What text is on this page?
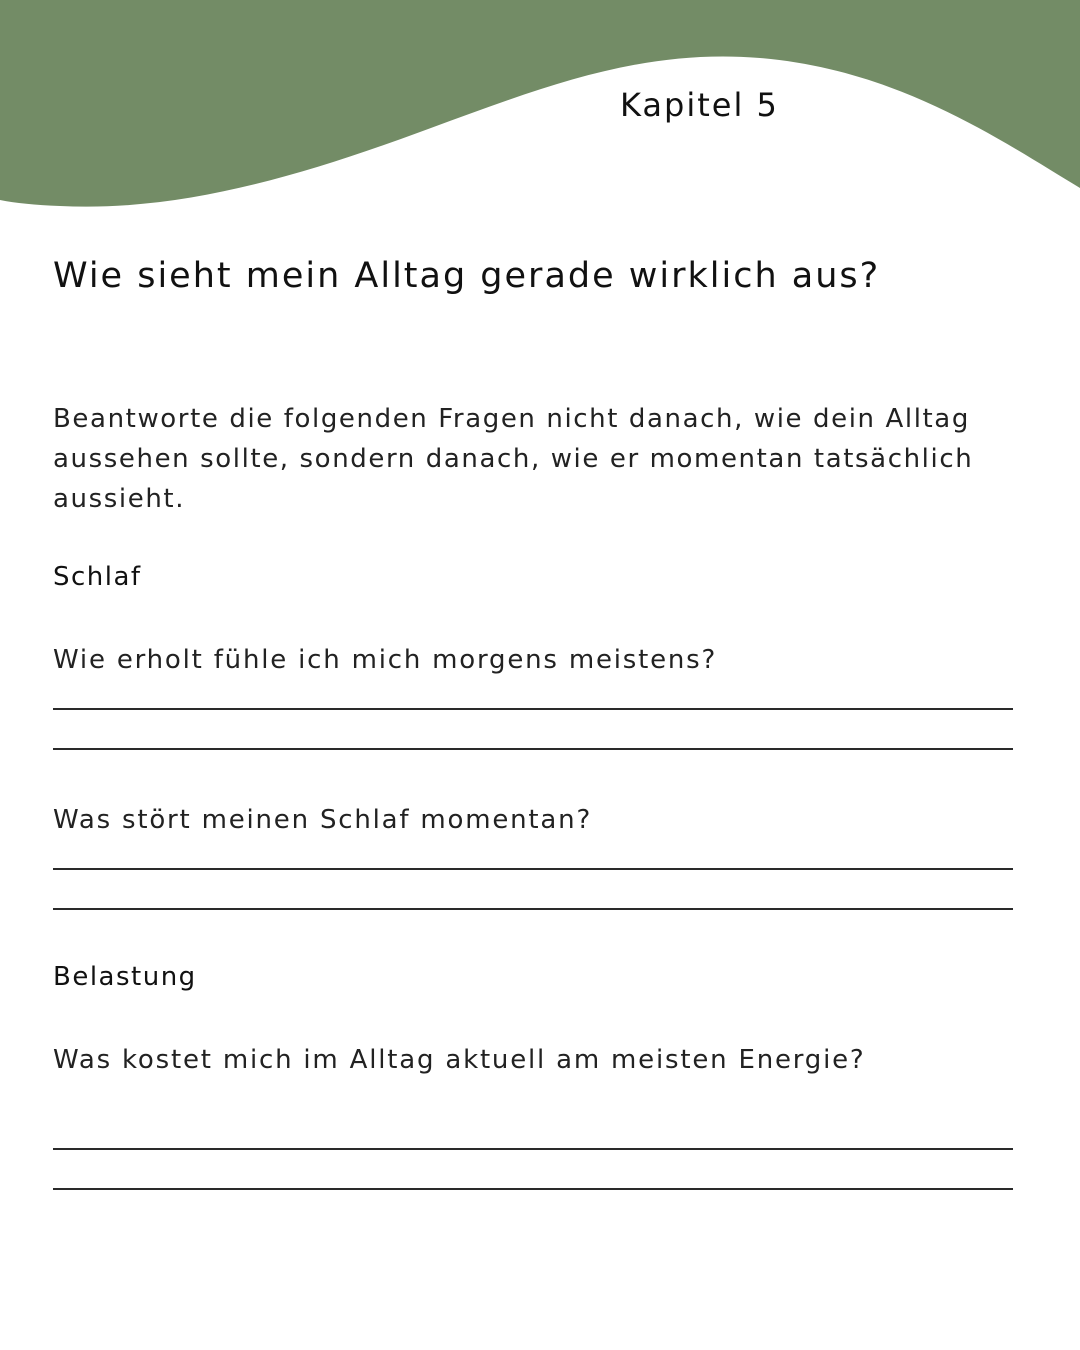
Kapitel 5
Wie sieht mein Alltag gerade wirklich aus?

Beantworte die folgenden Fragen nicht danach, wie dein Alltag aussehen sollte, sondern danach, wie er momentan tatsächlich aussieht.

Schlaf

Wie erholt fühle ich mich morgens meistens?

Was stört meinen Schlaf momentan?

Belastung

Was kostet mich im Alltag aktuell am meisten Energie?
